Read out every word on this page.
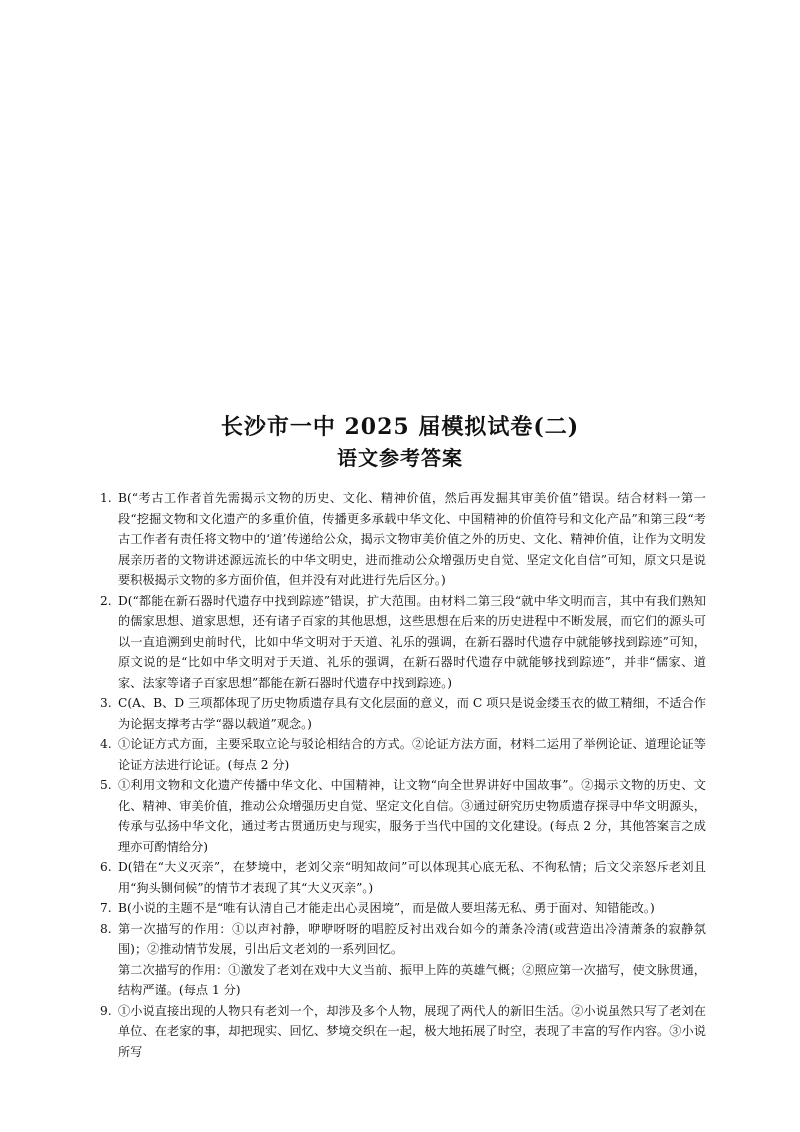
长沙市一中 2025 届模拟试卷(二)
语文参考答案
1. B(“考古工作者首先需揭示文物的历史、文化、精神价值，然后再发掘其审美价值”错误。结合材料一第一段“挖掘文物和文化遗产的多重价值，传播更多承载中华文化、中国精神的价值符号和文化产品”和第三段“考古工作者有责任将文物中的‘道’传递给公众，揭示文物审美价值之外的历史、文化、精神价值，让作为文明发展亲历者的文物讲述源远流长的中华文明史，进而推动公众增强历史自觉、坚定文化自信”可知，原文只是说要积极揭示文物的多方面价值，但并没有对此进行先后区分。)

2. D(“都能在新石器时代遗存中找到踪迹”错误，扩大范围。由材料二第三段“就中华文明而言，其中有我们熟知的儒家思想、道家思想，还有诸子百家的其他思想，这些思想在后来的历史进程中不断发展，而它们的源头可以一直追溯到史前时代，比如中华文明对于天道、礼乐的强调，在新石器时代遗存中就能够找到踪迹”可知，原文说的是“比如中华文明对于天道、礼乐的强调，在新石器时代遗存中就能够找到踪迹”，并非“儒家、道家、法家等诸子百家思想”都能在新石器时代遗存中找到踪迹。)

3. C(A、B、D 三项都体现了历史物质遗存具有文化层面的意义，而 C 项只是说金缕玉衣的做工精细，不适合作为论据支撑考古学“器以载道”观念。)

4. ①论证方式方面，主要采取立论与驳论相结合的方式。②论证方法方面，材料二运用了举例论证、道理论证等论证方法进行论证。(每点 2 分)

5. ①利用文物和文化遗产传播中华文化、中国精神，让文物“向全世界讲好中国故事”。②揭示文物的历史、文化、精神、审美价值，推动公众增强历史自觉、坚定文化自信。③通过研究历史物质遗存探寻中华文明源头，传承与弘扬中华文化，通过考古贯通历史与现实，服务于当代中国的文化建设。(每点 2 分，其他答案言之成理亦可酌情给分)

6. D(错在“大义灭亲”，在梦境中，老刘父亲“明知故问”可以体现其心底无私、不徇私情；后文父亲怒斥老刘且用“狗头铡伺候”的情节才表现了其“大义灭亲”。)

7. B(小说的主题不是“唯有认清自己才能走出心灵困境”，而是做人要坦荡无私、勇于面对、知错能改。)

8. 第一次描写的作用：①以声衬静，咿咿呀呀的唱腔反衬出戏台如今的萧条冷清(或营造出冷清萧条的寂静氛围)；②推动情节发展，引出后文老刘的一系列回忆。

第二次描写的作用：①激发了老刘在戏中大义当前、振甲上阵的英雄气概；②照应第一次描写，使文脉贯通，结构严谨。(每点 1 分)

9. ①小说直接出现的人物只有老刘一个，却涉及多个人物，展现了两代人的新旧生活。②小说虽然只写了老刘在单位、在老家的事，却把现实、回忆、梦境交织在一起，极大地拓展了时空，表现了丰富的写作内容。③小说所写
